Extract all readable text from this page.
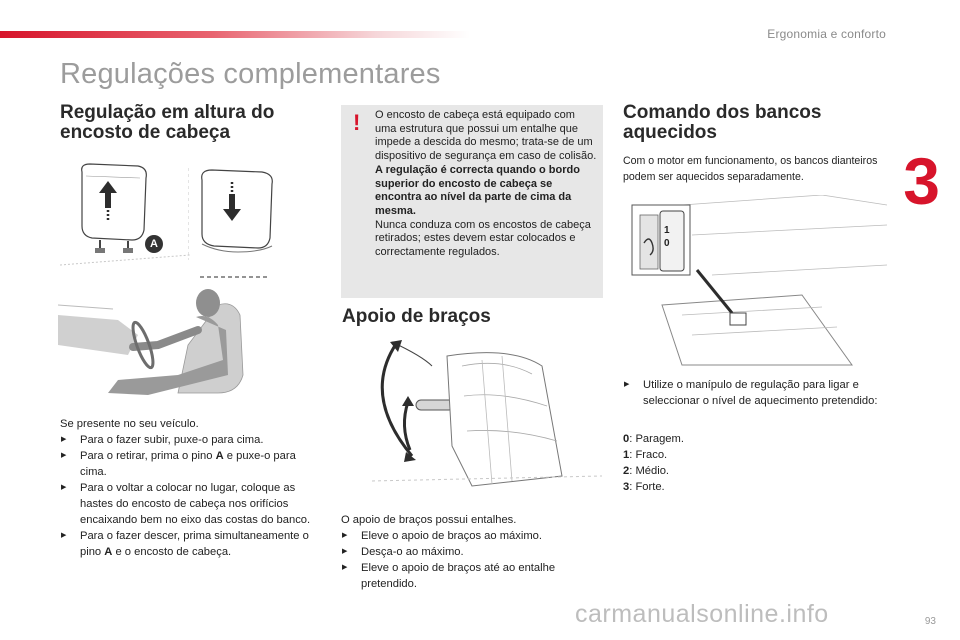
Ergonomia e conforto
3
Regulações complementares
Regulação em altura do encosto de cabeça
A

Se presente no seu veículo.

▶ Para o fazer subir, puxe-o para cima.
▶ Para o retirar, prima o pino A e puxe-o para cima.
▶ Para o voltar a colocar no lugar, coloque as hastes do encosto de cabeça nos orifícios encaixando bem no eixo das costas do banco.
▶ Para o fazer descer, prima simultaneamente o pino A e o encosto de cabeça.
! O encosto de cabeça está equipado com uma estrutura que possui um entalhe que impede a descida do mesmo; trata-se de um dispositivo de segurança em caso de colisão.

A regulação é correcta quando o bordo superior do encosto de cabeça se encontra ao nível da parte de cima da mesma.

Nunca conduza com os encostos de cabeça retirados; estes devem estar colocados e correctamente regulados.

Apoio de braços

O apoio de braços possui entalhes.

▶ Eleve o apoio de braços ao máximo.
▶ Desça-o ao máximo.
▶ Eleve o apoio de braços até ao entalhe pretendido.
Comando dos bancos aquecidos
Com o motor em funcionamento, os bancos dianteiros podem ser aquecidos separadamente.
1
0
▶ Utilize o manípulo de regulação para ligar e seleccionar o nível de aquecimento pretendido:

0: Paragem.

1: Fraco.

2: Médio.

3: Forte.

carmanualsonline.info	93
